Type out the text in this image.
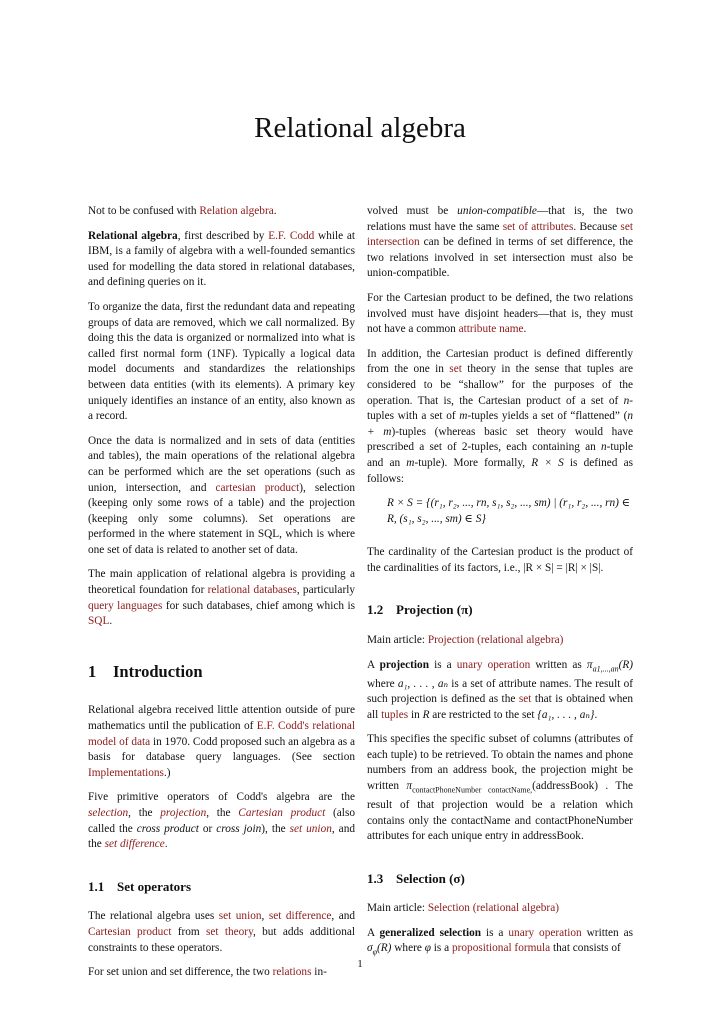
Relational algebra

Not to be confused with Relation algebra.

Relational algebra, first described by E.F. Codd while at IBM, is a family of algebra with a well-founded semantics used for modelling the data stored in relational databases, and defining queries on it.

To organize the data, first the redundant data and repeating groups of data are removed, which we call normalized. By doing this the data is organized or normalized into what is called first normal form (1NF). Typically a logical data model documents and standardizes the relationships between data entities (with its elements). A primary key uniquely identifies an instance of an entity, also known as a record.

Once the data is normalized and in sets of data (entities and tables), the main operations of the relational algebra can be performed which are the set operations (such as union, intersection, and cartesian product), selection (keeping only some rows of a table) and the projection (keeping only some columns). Set operations are performed in the where statement in SQL, which is where one set of data is related to another set of data.

The main application of relational algebra is providing a theoretical foundation for relational databases, particularly query languages for such databases, chief among which is SQL.

1 Introduction

Relational algebra received little attention outside of pure mathematics until the publication of E.F. Codd's relational model of data in 1970. Codd proposed such an algebra as a basis for database query languages. (See section Implementations.)

Five primitive operators of Codd's algebra are the selection, the projection, the Cartesian product (also called the cross product or cross join), the set union, and the set difference.

1.1 Set operators

The relational algebra uses set union, set difference, and Cartesian product from set theory, but adds additional constraints to these operators.

For set union and set difference, the two relations in-

volved must be union-compatible—that is, the two relations must have the same set of attributes. Because set intersection can be defined in terms of set difference, the two relations involved in set intersection must also be union-compatible.

For the Cartesian product to be defined, the two relations involved must have disjoint headers—that is, they must not have a common attribute name.

In addition, the Cartesian product is defined differently from the one in set theory in the sense that tuples are considered to be “shallow” for the purposes of the operation. That is, the Cartesian product of a set of n-tuples with a set of m-tuples yields a set of “flattened” (n + m)-tuples (whereas basic set theory would have prescribed a set of 2-tuples, each containing an n-tuple and an m-tuple). More formally, R × S is defined as follows:

R × S = {(r₁, r₂, ..., rn, s₁, s₂, ..., sm) | (r₁, r₂, ..., rn) ∈ R, (s₁, s₂, ..., sm) ∈ S}

The cardinality of the Cartesian product is the product of the cardinalities of its factors, i.e., |R × S| = |R| × |S|.

1.2 Projection (π)

Main article: Projection (relational algebra)

A projection is a unary operation written as $\pi_{a1,...,an}(R)$ where a₁, . . . , aₙ is a set of attribute names. The result of such projection is defined as the set that is obtained when all tuples in R are restricted to the set {a₁, . . . , aₙ}.

This specifies the specific subset of columns (attributes of each tuple) to be retrieved. To obtain the names and phone numbers from an address book, the projection might be written $\pi_{contactPhoneNumber contactName,}(addressBook)$ . The result of that projection would be a relation which contains only the contactName and contactPhoneNumber attributes for each unique entry in addressBook.

1.3 Selection (σ)

Main article: Selection (relational algebra)

A generalized selection is a unary operation written as $\sigma_\varphi(R)$ where φ is a propositional formula that consists of

1
